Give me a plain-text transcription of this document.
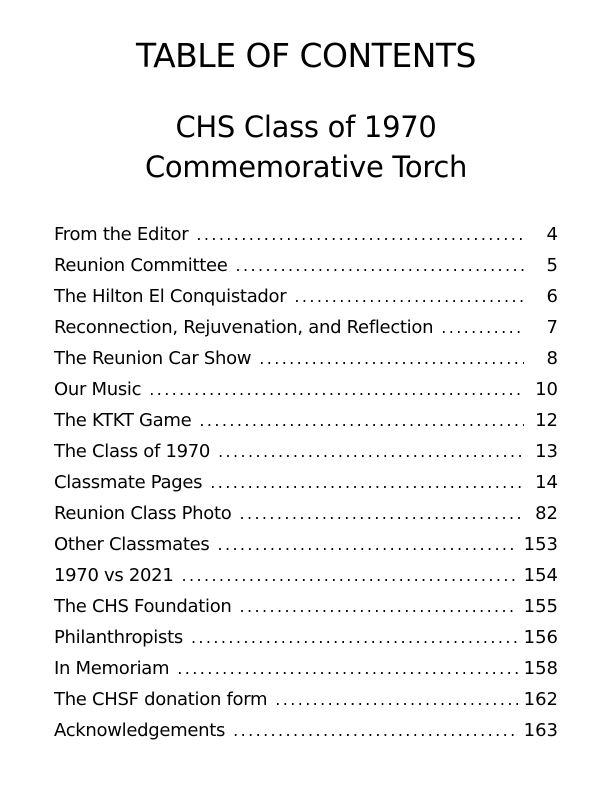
TABLE OF CONTENTS
CHS Class of 1970
Commemorative Torch
From the Editor .....	4
Reunion Committee .....	5
The Hilton El Conquistador .....	6
Reconnection, Rejuvenation, and Reflection .....	7
The Reunion Car Show .....	8
Our Music .....	10
The KTKT Game .....	12
The Class of 1970 .....	13
Classmate Pages .....	14
Reunion Class Photo .....	82
Other Classmates .....	153
1970 vs 2021 .....	154
The CHS Foundation .....	155
Philanthropists .....	156
In Memoriam .....	158
The CHSF donation form .....	162
Acknowledgements .....	163
